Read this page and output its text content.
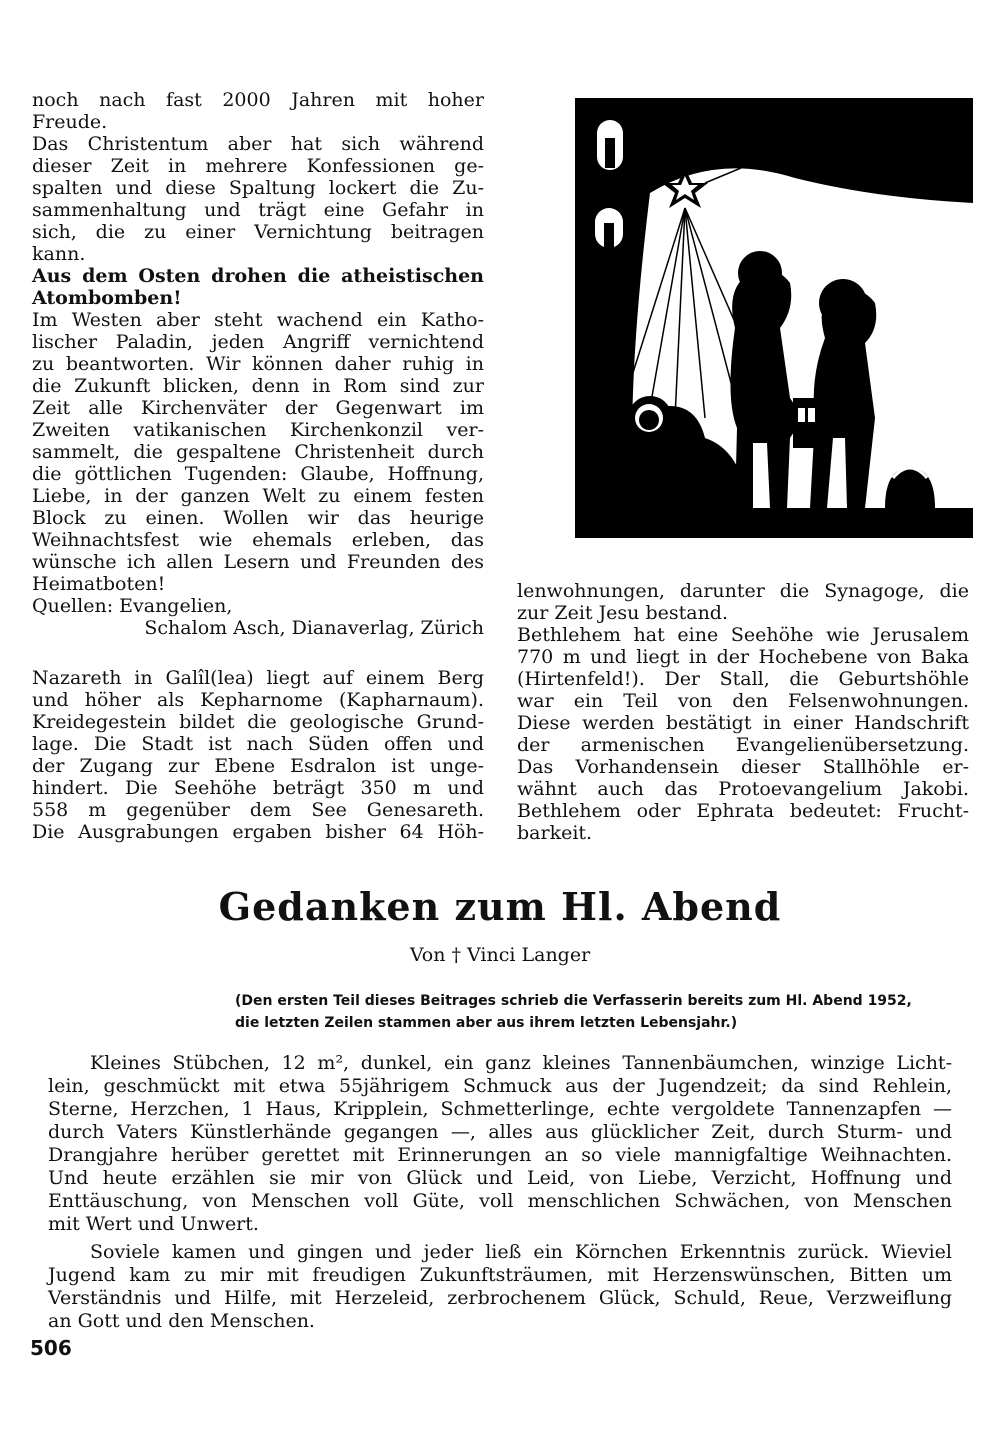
noch nach fast 2000 Jahren mit hoher
Freude.
Das Christentum aber hat sich während
dieser Zeit in mehrere Konfessionen ge-
spalten und diese Spaltung lockert die Zu-
sammenhaltung und trägt eine Gefahr in
sich, die zu einer Vernichtung beitragen
kann.
Aus dem Osten drohen die atheistischen
Atombomben!
Im Westen aber steht wachend ein Katho-
lischer Paladin, jeden Angriff vernichtend
zu beantworten. Wir können daher ruhig in
die Zukunft blicken, denn in Rom sind zur
Zeit alle Kirchenväter der Gegenwart im
Zweiten vatikanischen Kirchenkonzil ver-
sammelt, die gespaltene Christenheit durch
die göttlichen Tugenden: Glaube, Hoffnung,
Liebe, in der ganzen Welt zu einem festen
Block zu einen. Wollen wir das heurige
Weihnachtsfest wie ehemals erleben, das
wünsche ich allen Lesern und Freunden des
Heimatboten!
Quellen: Evangelien,
Schalom Asch, Dianaverlag, Zürich
Nazareth in Galîl(lea) liegt auf einem Berg
und höher als Kepharnome (Kapharnaum).
Kreidegestein bildet die geologische Grund-
lage. Die Stadt ist nach Süden offen und
der Zugang zur Ebene Esdralon ist unge-
hindert. Die Seehöhe beträgt 350 m und
558 m gegenüber dem See Genesareth.
Die Ausgrabungen ergaben bisher 64 Höh-
lenwohnungen, darunter die Synagoge, die
zur Zeit Jesu bestand.
Bethlehem hat eine Seehöhe wie Jerusalem
770 m und liegt in der Hochebene von Baka
(Hirtenfeld!). Der Stall, die Geburtshöhle
war ein Teil von den Felsenwohnungen.
Diese werden bestätigt in einer Handschrift
der armenischen Evangelienübersetzung.
Das Vorhandensein dieser Stallhöhle er-
wähnt auch das Protoevangelium Jakobi.
Bethlehem oder Ephrata bedeutet: Frucht-
barkeit.
Gedanken zum Hl. Abend
Von † Vinci Langer
(Den ersten Teil dieses Beitrages schrieb die Verfasserin bereits zum Hl. Abend 1952,
die letzten Zeilen stammen aber aus ihrem letzten Lebensjahr.)
Kleines Stübchen, 12 m², dunkel, ein ganz kleines Tannenbäumchen, winzige Licht-
lein, geschmückt mit etwa 55jährigem Schmuck aus der Jugendzeit; da sind Rehlein,
Sterne, Herzchen, 1 Haus, Kripplein, Schmetterlinge, echte vergoldete Tannenzapfen —
durch Vaters Künstlerhände gegangen —, alles aus glücklicher Zeit, durch Sturm- und
Drangjahre herüber gerettet mit Erinnerungen an so viele mannigfaltige Weihnachten.
Und heute erzählen sie mir von Glück und Leid, von Liebe, Verzicht, Hoffnung und
Enttäuschung, von Menschen voll Güte, voll menschlichen Schwächen, von Menschen
mit Wert und Unwert.
Soviele kamen und gingen und jeder ließ ein Körnchen Erkenntnis zurück. Wieviel
Jugend kam zu mir mit freudigen Zukunftsträumen, mit Herzenswünschen, Bitten um
Verständnis und Hilfe, mit Herzeleid, zerbrochenem Glück, Schuld, Reue, Verzweiflung
an Gott und den Menschen.
506
